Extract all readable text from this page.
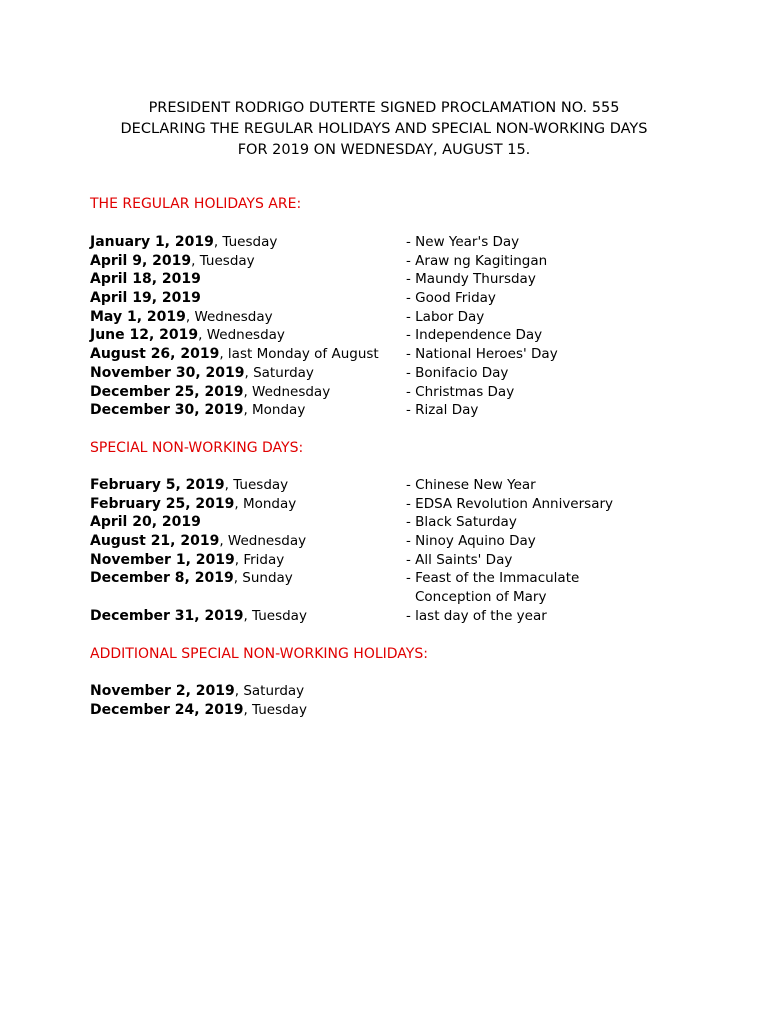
PRESIDENT RODRIGO DUTERTE SIGNED PROCLAMATION NO. 555
DECLARING THE REGULAR HOLIDAYS AND SPECIAL NON-WORKING DAYS
FOR 2019 ON WEDNESDAY, AUGUST 15.
THE REGULAR HOLIDAYS ARE:
January 1, 2019, Tuesday	- New Year's Day
April 9, 2019, Tuesday	- Araw ng Kagitingan
April 18, 2019	- Maundy Thursday
April 19, 2019	- Good Friday
May 1, 2019, Wednesday	- Labor Day
June 12, 2019, Wednesday	- Independence Day
August 26, 2019, last Monday of August - National Heroes' Day
November 30, 2019, Saturday	- Bonifacio Day
December 25, 2019, Wednesday	- Christmas Day
December 30, 2019, Monday	- Rizal Day
SPECIAL NON-WORKING DAYS:
February 5, 2019, Tuesday	- Chinese New Year
February 25, 2019, Monday	- EDSA Revolution Anniversary
April 20, 2019	- Black Saturday
August 21, 2019, Wednesday	- Ninoy Aquino Day
November 1, 2019, Friday	- All Saints' Day
December 8, 2019, Sunday	- Feast of the Immaculate
Conception of Mary
December 31, 2019, Tuesday	- last day of the year
ADDITIONAL SPECIAL NON-WORKING HOLIDAYS:
November 2, 2019, Saturday
December 24, 2019, Tuesday
